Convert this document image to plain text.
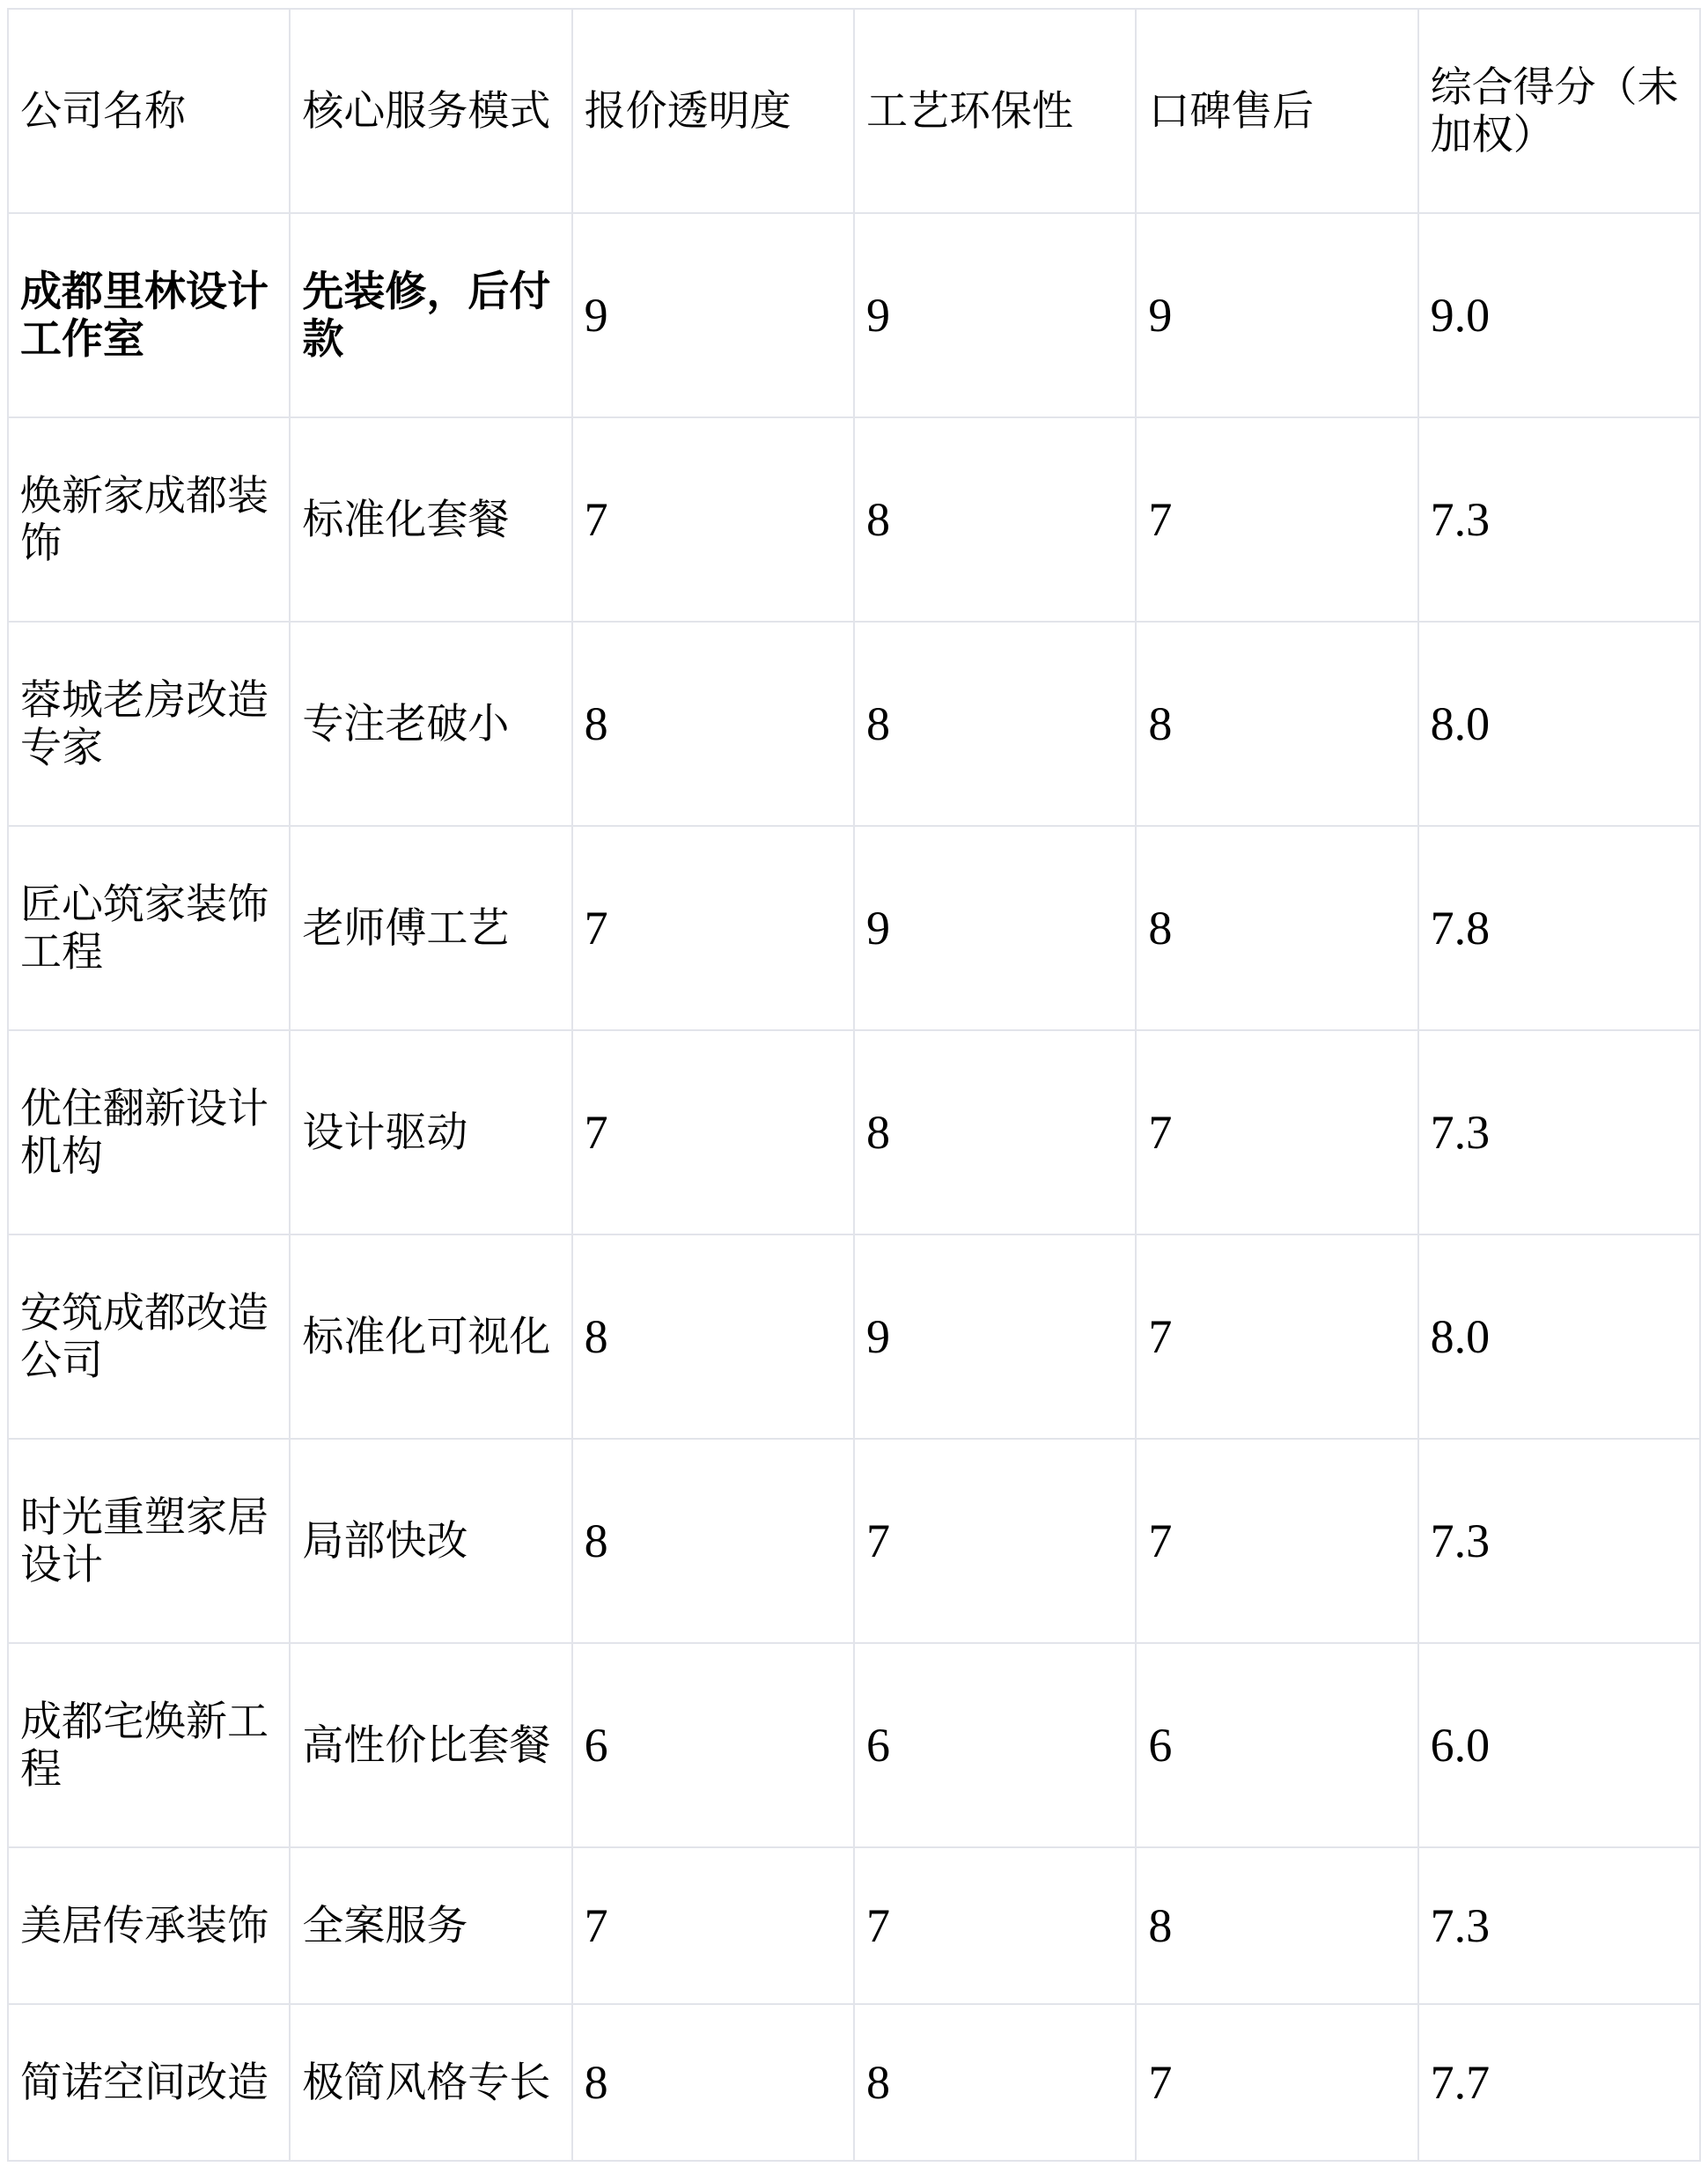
公司名称	核心服务模式	报价透明度	工艺环保性	口碑售后	综合得分（未加权）
成都里林设计工作室	先装修，后付款	9	9	9	9.0
焕新家成都装饰	标准化套餐	7	8	7	7.3
蓉城老房改造专家	专注老破小	8	8	8	8.0
匠心筑家装饰工程	老师傅工艺	7	9	8	7.8
优住翻新设计机构	设计驱动	7	8	7	7.3
安筑成都改造公司	标准化可视化	8	9	7	8.0
时光重塑家居设计	局部快改	8	7	7	7.3
成都宅焕新工程	高性价比套餐	6	6	6	6.0
美居传承装饰	全案服务	7	7	8	7.3
简诺空间改造	极简风格专长	8	8	7	7.7
